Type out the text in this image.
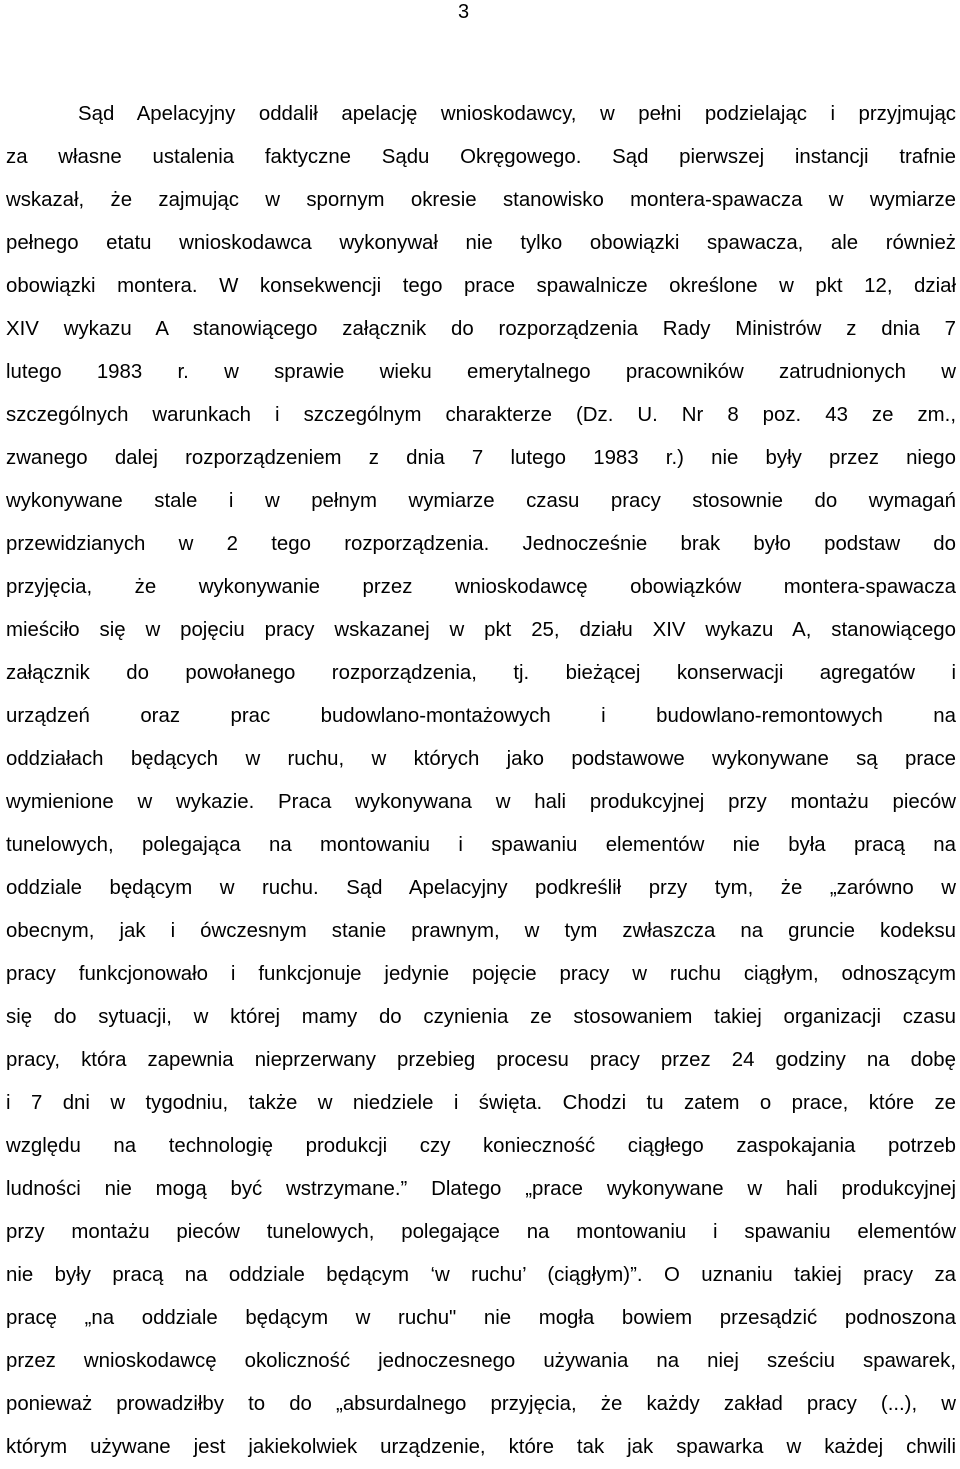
3
Sąd Apelacyjny oddalił apelację wnioskodawcy, w pełni podzielając i przyjmując
za własne ustalenia faktyczne Sądu Okręgowego. Sąd pierwszej instancji trafnie
wskazał, że zajmując w spornym okresie stanowisko montera-spawacza w wymiarze
pełnego etatu wnioskodawca wykonywał nie tylko obowiązki spawacza, ale również
obowiązki montera. W konsekwencji tego prace spawalnicze określone w pkt 12, dział
XIV wykazu A stanowiącego załącznik do rozporządzenia Rady Ministrów z dnia 7
lutego 1983 r. w sprawie wieku emerytalnego pracowników zatrudnionych w
szczególnych warunkach i szczególnym charakterze (Dz. U. Nr 8 poz. 43 ze zm.,
zwanego dalej rozporządzeniem z dnia 7 lutego 1983 r.) nie były przez niego
wykonywane stale i w pełnym wymiarze czasu pracy stosownie do wymagań
przewidzianych w 2 tego rozporządzenia. Jednocześnie brak było podstaw do
przyjęcia, że wykonywanie przez wnioskodawcę obowiązków montera-spawacza
mieściło się w pojęciu pracy wskazanej w pkt 25, działu XIV wykazu A, stanowiącego
załącznik do powołanego rozporządzenia, tj. bieżącej konserwacji agregatów i
urządzeń oraz prac budowlano-montażowych i budowlano-remontowych na
oddziałach będących w ruchu, w których jako podstawowe wykonywane są prace
wymienione w wykazie. Praca wykonywana w hali produkcyjnej przy montażu pieców
tunelowych, polegająca na montowaniu i spawaniu elementów nie była pracą na
oddziale będącym w ruchu. Sąd Apelacyjny podkreślił przy tym, że „zarówno w
obecnym, jak i ówczesnym stanie prawnym, w tym zwłaszcza na gruncie kodeksu
pracy funkcjonowało i funkcjonuje jedynie pojęcie pracy w ruchu ciągłym, odnoszącym
się do sytuacji, w której mamy do czynienia ze stosowaniem takiej organizacji czasu
pracy, która zapewnia nieprzerwany przebieg procesu pracy przez 24 godziny na dobę
i 7 dni w tygodniu, także w niedziele i święta. Chodzi tu zatem o prace, które ze
względu na technologię produkcji czy konieczność ciągłego zaspokajania potrzeb
ludności nie mogą być wstrzymane.” Dlatego „prace wykonywane w hali produkcyjnej
przy montażu pieców tunelowych, polegające na montowaniu i spawaniu elementów
nie były pracą na oddziale będącym ‘w ruchu’ (ciągłym)”. O uznaniu takiej pracy za
pracę „na oddziale będącym w ruchu" nie mogła bowiem przesądzić podnoszona
przez wnioskodawcę okoliczność jednoczesnego używania na niej sześciu spawarek,
ponieważ prowadziłby to do „absurdalnego przyjęcia, że każdy zakład pracy (...), w
którym używane jest jakiekolwiek urządzenie, które tak jak spawarka w każdej chwili
